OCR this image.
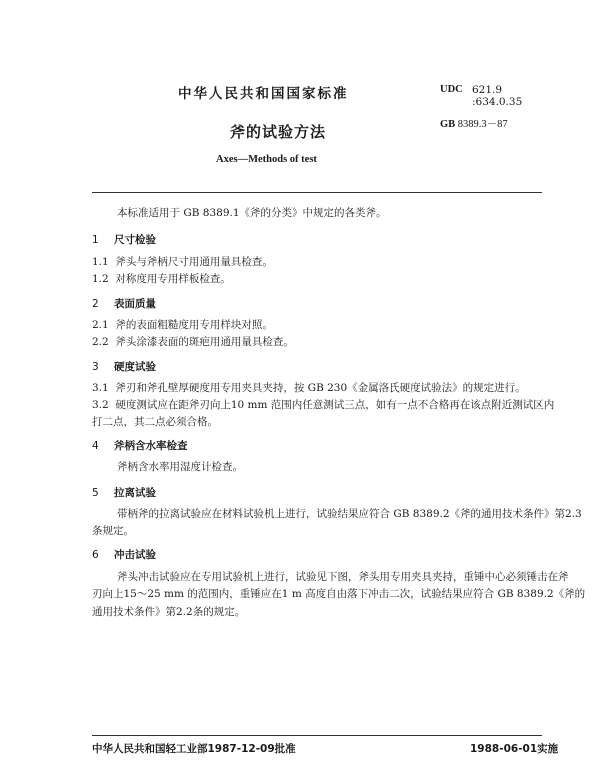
中华人民共和国国家标准	UDC 621.9
:634.0.35
GB 8389.3－87
斧的试验方法
Axes—Methods of test
本标准适用于 GB 8389.1《斧的分类》中规定的各类斧。
1 尺寸检验
1.1 斧头与斧柄尺寸用通用量具检查。
1.2 对称度用专用样板检查。
2 表面质量
2.1 斧的表面粗糙度用专用样块对照。
2.2 斧头涂漆表面的斑疤用通用量具检查。
3 硬度试验
3.1 斧刃和斧孔壁厚硬度用专用夹具夹持，按 GB 230《金属洛氏硬度试验法》的规定进行。
3.2 硬度测试应在距斧刃向上10 mm 范围内任意测试三点，如有一点不合格再在该点附近测试区内
打二点，其二点必须合格。
4 斧柄含水率检查
斧柄含水率用湿度计检查。
5 拉离试验
带柄斧的拉离试验应在材料试验机上进行，试验结果应符合 GB 8389.2《斧的通用技术条件》第2.3
条规定。
6 冲击试验
斧头冲击试验应在专用试验机上进行，试验见下图，斧头用专用夹具夹持，重锤中心必须锤击在斧
刃向上15～25 mm 的范围内，重锤应在1 m 高度自由落下冲击二次，试验结果应符合 GB 8389.2《斧的
通用技术条件》第2.2条的规定。
中华人民共和国轻工业部1987-12-09批准	1988-06-01实施
